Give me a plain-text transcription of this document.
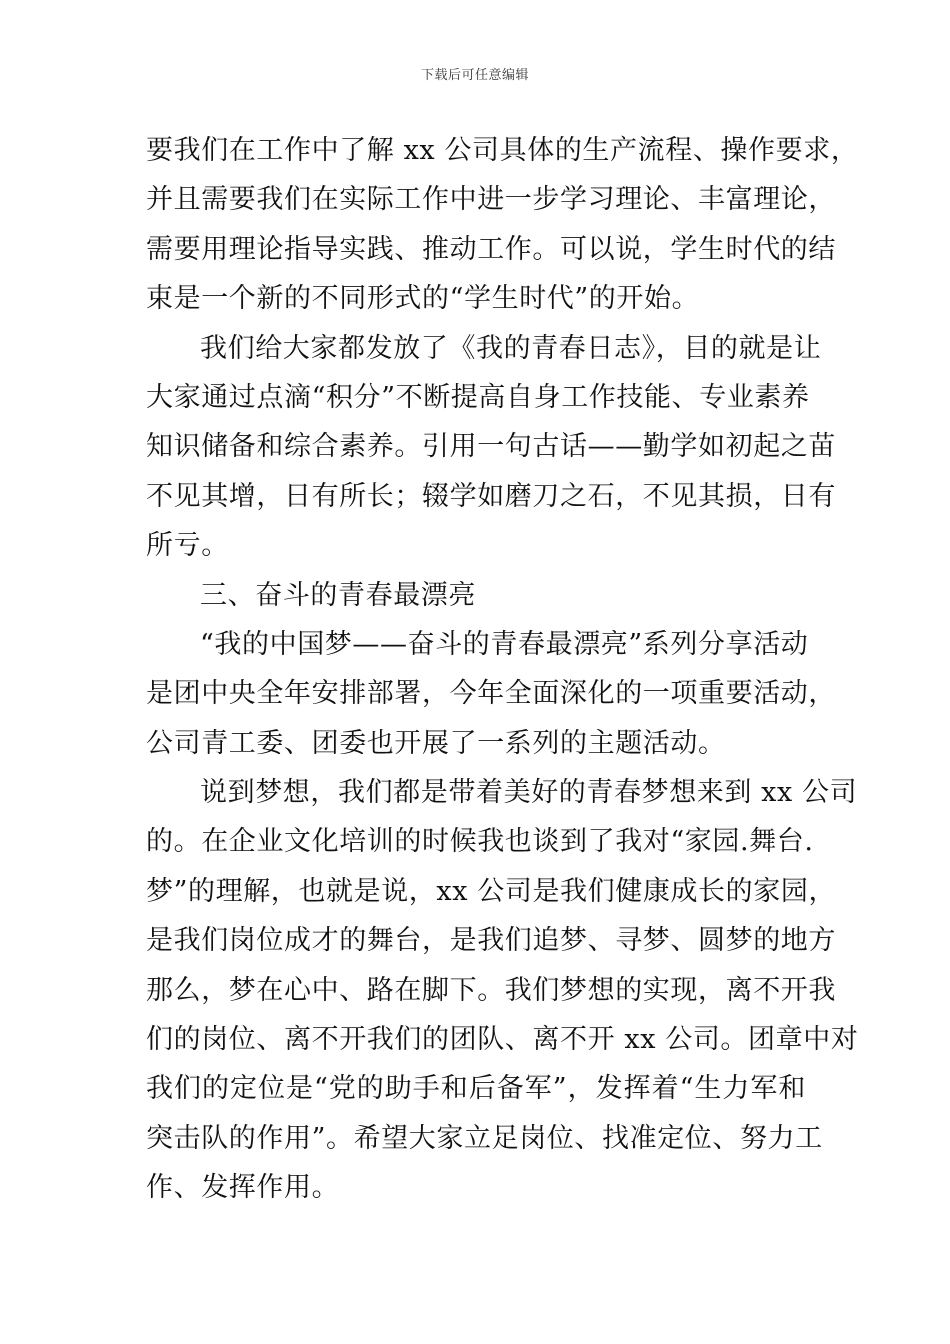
下载后可任意编辑
要我们在工作中了解 xx 公司具体的生产流程、操作要求，
并且需要我们在实际工作中进一步学习理论、丰富理论，
需要用理论指导实践、推动工作。可以说，学生时代的结
束是一个新的不同形式的“学生时代”的开始。
我们给大家都发放了《我的青春日志》，目的就是让
大家通过点滴“积分”不断提高自身工作技能、专业素养
知识储备和综合素养。引用一句古话——勤学如初起之苗
不见其增，日有所长；辍学如磨刀之石，不见其损，日有
所亏。
三、奋斗的青春最漂亮
“我的中国梦——奋斗的青春最漂亮”系列分享活动
是团中央全年安排部署，今年全面深化的一项重要活动，
公司青工委、团委也开展了一系列的主题活动。
说到梦想，我们都是带着美好的青春梦想来到 xx 公司
的。在企业文化培训的时候我也谈到了我对“家园.舞台.
梦”的理解，也就是说，xx 公司是我们健康成长的家园，
是我们岗位成才的舞台，是我们追梦、寻梦、圆梦的地方
那么，梦在心中、路在脚下。我们梦想的实现，离不开我
们的岗位、离不开我们的团队、离不开 xx 公司。团章中对
我们的定位是“党的助手和后备军”，发挥着“生力军和
突击队的作用”。希望大家立足岗位、找准定位、努力工
作、发挥作用。
